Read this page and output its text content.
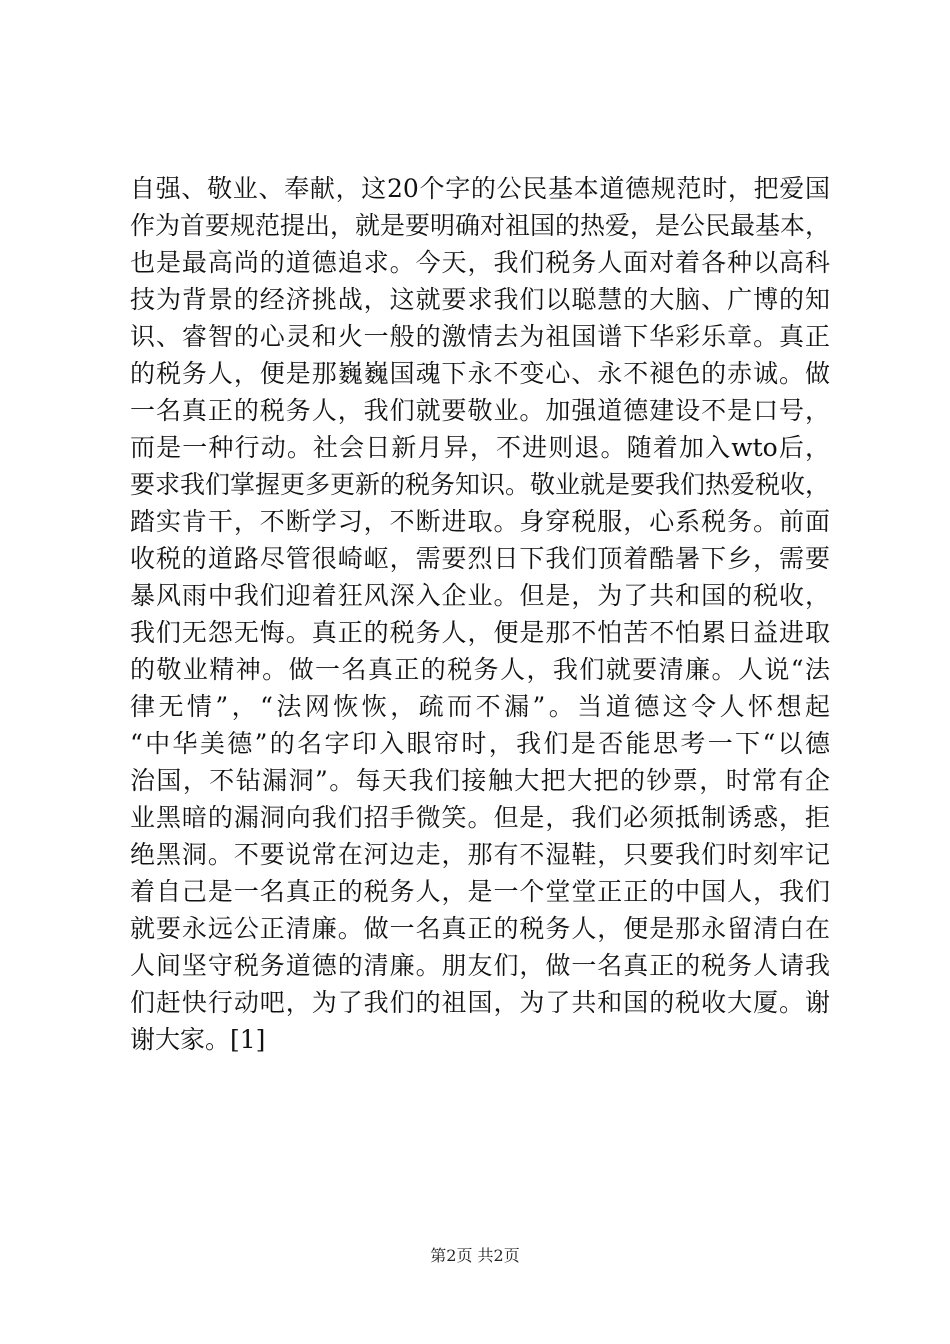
自强、敬业、奉献，这20个字的公民基本道德规范时，把爱国
作为首要规范提出，就是要明确对祖国的热爱，是公民最基本，
也是最高尚的道德追求。今天，我们税务人面对着各种以高科
技为背景的经济挑战，这就要求我们以聪慧的大脑、广博的知
识、睿智的心灵和火一般的激情去为祖国谱下华彩乐章。真正
的税务人，便是那巍巍国魂下永不变心、永不褪色的赤诚。做
一名真正的税务人，我们就要敬业。加强道德建设不是口号，
而是一种行动。社会日新月异，不进则退。随着加入wto后，
要求我们掌握更多更新的税务知识。敬业就是要我们热爱税收，
踏实肯干，不断学习，不断进取。身穿税服，心系税务。前面
收税的道路尽管很崎岖，需要烈日下我们顶着酷暑下乡，需要
暴风雨中我们迎着狂风深入企业。但是，为了共和国的税收，
我们无怨无悔。真正的税务人，便是那不怕苦不怕累日益进取
的敬业精神。做一名真正的税务人，我们就要清廉。人说“法
律无情”，“法网恢恢，疏而不漏”。当道德这令人怀想起
“中华美德”的名字印入眼帘时，我们是否能思考一下“以德
治国，不钻漏洞”。每天我们接触大把大把的钞票，时常有企
业黑暗的漏洞向我们招手微笑。但是，我们必须抵制诱惑，拒
绝黑洞。不要说常在河边走，那有不湿鞋，只要我们时刻牢记
着自己是一名真正的税务人，是一个堂堂正正的中国人，我们
就要永远公正清廉。做一名真正的税务人，便是那永留清白在
人间坚守税务道德的清廉。朋友们，做一名真正的税务人请我
们赶快行动吧，为了我们的祖国，为了共和国的税收大厦。谢
谢大家。[1]
第2页 共2页
